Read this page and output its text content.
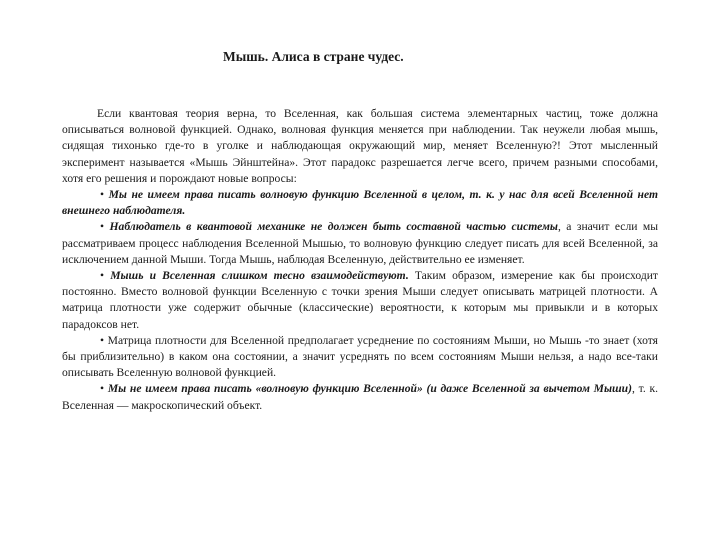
Мышь. Алиса в стране чудес.

Если квантовая теория верна, то Вселенная, как большая система элементарных частиц, тоже должна описываться волновой функцией. Однако, волновая функция меняется при наблюдении. Так неужели любая мышь, сидящая тихонько где-то в уголке и наблюдающая окружающий мир, меняет Вселенную?! Этот мысленный эксперимент называется «Мышь Эйнштейна». Этот парадокс разрешается легче всего, причем разными способами, хотя его решения и порождают новые вопросы:

• Мы не имеем права писать волновую функцию Вселенной в целом, т. к. у нас для всей Вселенной нет внешнего наблюдателя.

• Наблюдатель в квантовой механике не должен быть составной частью системы, а значит если мы рассматриваем процесс наблюдения Вселенной Мышью, то волновую функцию следует писать для всей Вселенной, за исключением данной Мыши. Тогда Мышь, наблюдая Вселенную, действительно ее изменяет.

• Мышь и Вселенная слишком тесно взаимодействуют. Таким образом, измерение как бы происходит постоянно. Вместо волновой функции Вселенную с точки зрения Мыши следует описывать матрицей плотности. А матрица плотности уже содержит обычные (классические) вероятности, к которым мы привыкли и в которых парадоксов нет.

• Матрица плотности для Вселенной предполагает усреднение по состояниям Мыши, но Мышь -то знает (хотя бы приблизительно) в каком она состоянии, а значит усреднять по всем состояниям Мыши нельзя, а надо все-таки описывать Вселенную волновой функцией.

• Мы не имеем права писать «волновую функцию Вселенной» (и даже Вселенной за вычетом Мыши), т. к. Вселенная — макроскопический объект.
